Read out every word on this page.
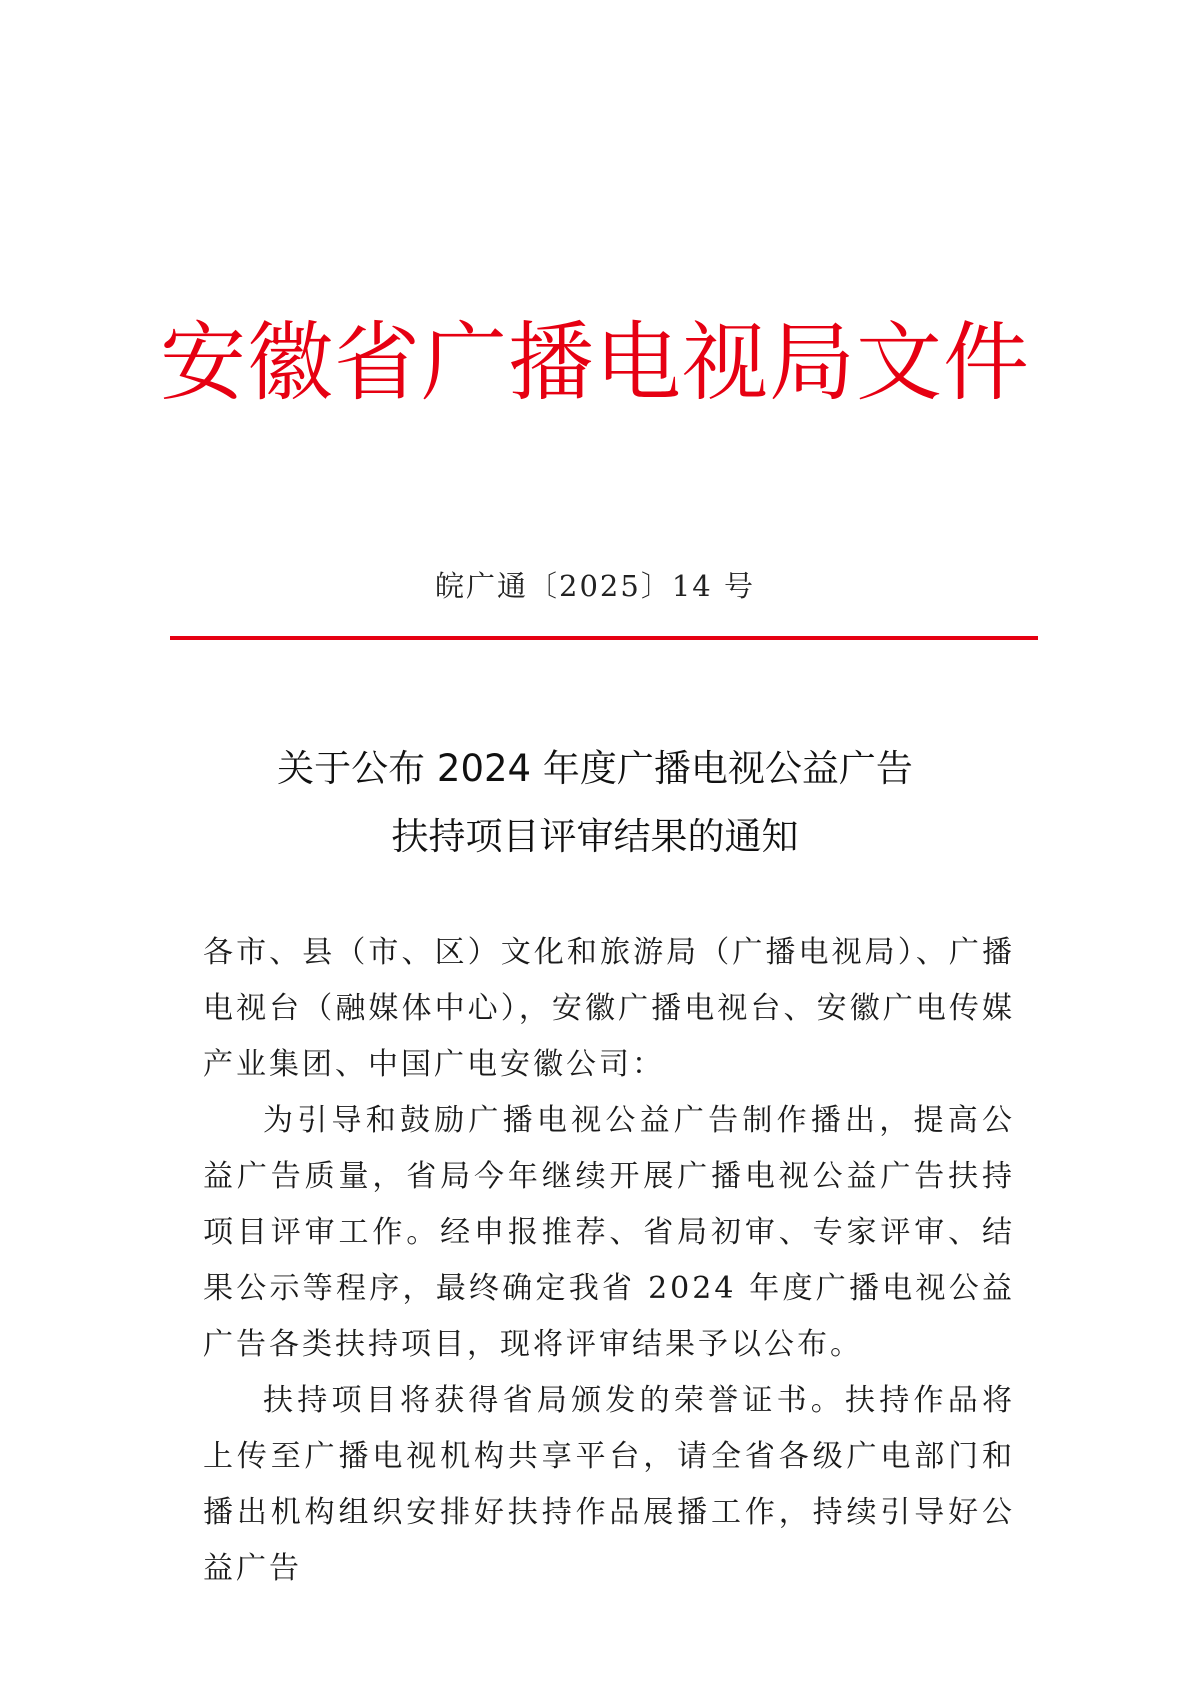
安徽省广播电视局文件
皖广通〔2025〕14 号
关于公布 2024 年度广播电视公益广告
扶持项目评审结果的通知

各市、县（市、区）文化和旅游局（广播电视局）、广播电视台（融媒体中心），安徽广播电视台、安徽广电传媒产业集团、中国广电安徽公司：

为引导和鼓励广播电视公益广告制作播出，提高公益广告质量，省局今年继续开展广播电视公益广告扶持项目评审工作。经申报推荐、省局初审、专家评审、结果公示等程序，最终确定我省 2024 年度广播电视公益广告各类扶持项目，现将评审结果予以公布。

扶持项目将获得省局颁发的荣誉证书。扶持作品将上传至广播电视机构共享平台，请全省各级广电部门和播出机构组织安排好扶持作品展播工作，持续引导好公益广告
